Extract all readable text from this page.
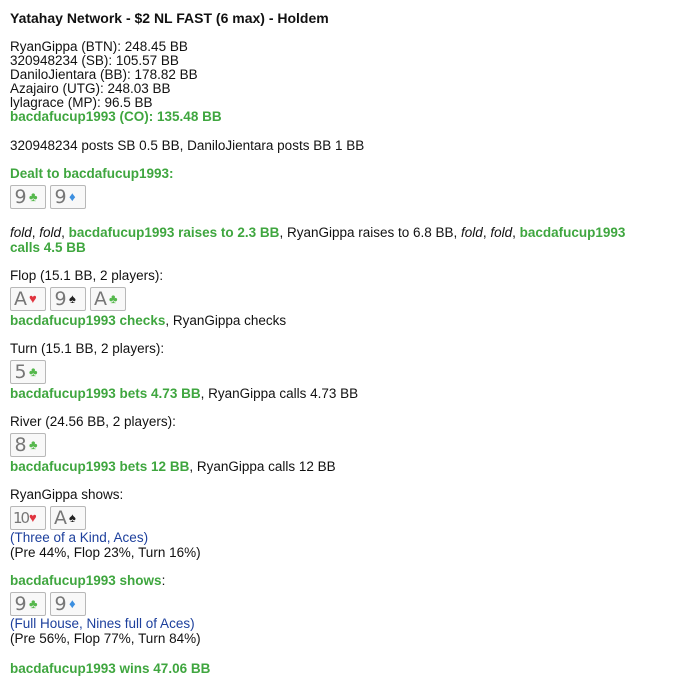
Yatahay Network - $2 NL FAST (6 max) - Holdem
RyanGippa (BTN): 248.45 BB
320948234 (SB): 105.57 BB
DaniloJientara (BB): 178.82 BB
Azajairo (UTG): 248.03 BB
lylagrace (MP): 96.5 BB
bacdafucup1993 (CO): 135.48 BB
320948234 posts SB 0.5 BB, DaniloJientara posts BB 1 BB
Dealt to bacdafucup1993:
9 ♣ 9 ♦
fold, fold, bacdafucup1993 raises to 2.3 BB, RyanGippa raises to 6.8 BB, fold, fold, bacdafucup1993
calls 4.5 BB
Flop (15.1 BB, 2 players):
A ♥ 9 ♠ A ♣
bacdafucup1993 checks, RyanGippa checks
Turn (15.1 BB, 2 players):
5 ♣
bacdafucup1993 bets 4.73 BB, RyanGippa calls 4.73 BB
River (24.56 BB, 2 players):
8 ♣
bacdafucup1993 bets 12 BB, RyanGippa calls 12 BB
RyanGippa shows:
10 ♥ A ♠
(Three of a Kind, Aces)
(Pre 44%, Flop 23%, Turn 16%)
bacdafucup1993 shows:
9 ♣ 9 ♦
(Full House, Nines full of Aces)
(Pre 56%, Flop 77%, Turn 84%)
bacdafucup1993 wins 47.06 BB
